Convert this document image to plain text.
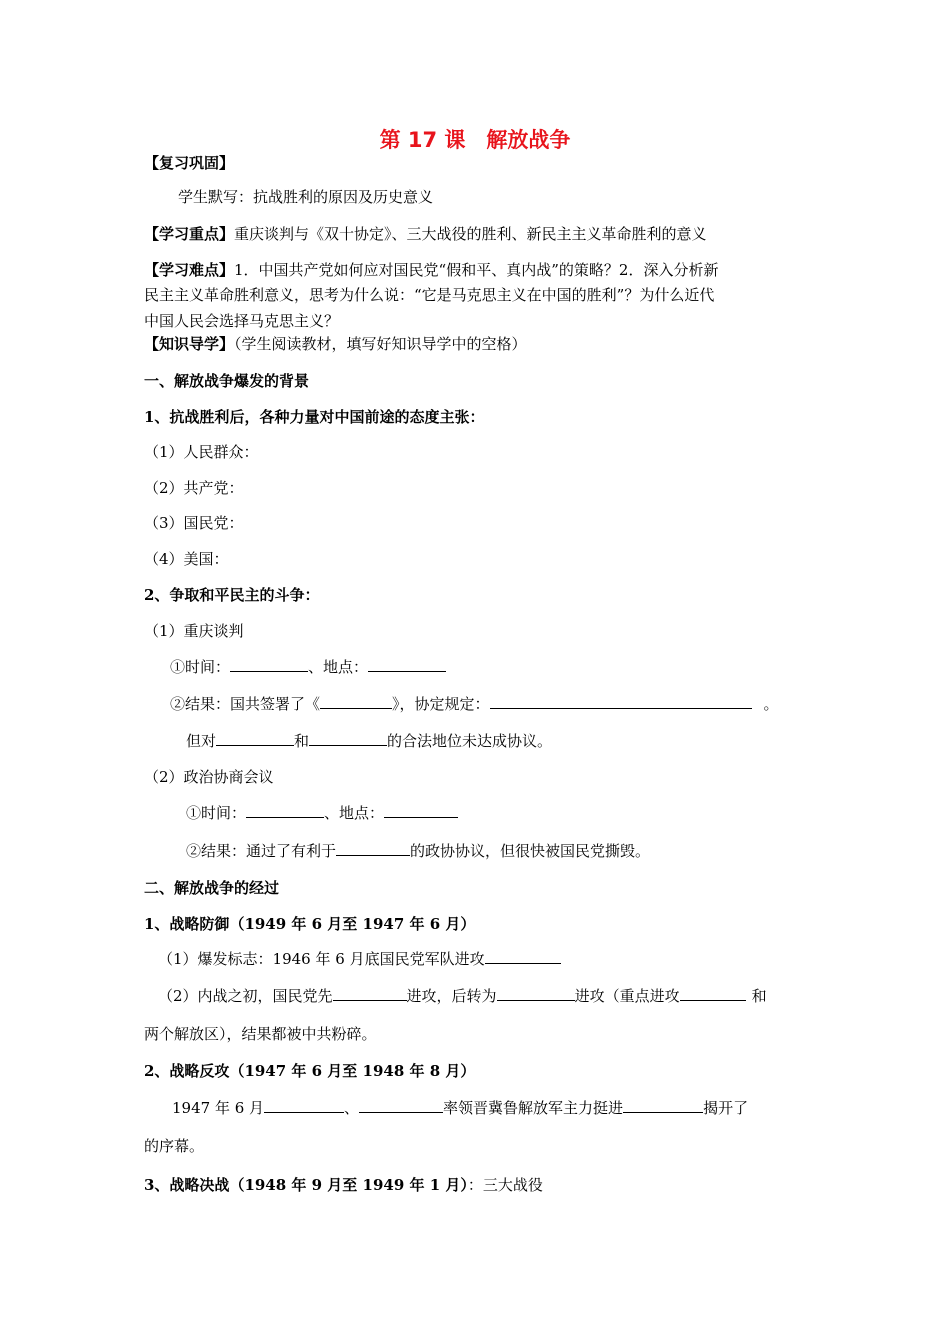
第 17 课　解放战争
【复习巩固】
学生默写：抗战胜利的原因及历史意义
【学习重点】重庆谈判与《双十协定》、三大战役的胜利、新民主主义革命胜利的意义
【学习难点】1．中国共产党如何应对国民党“假和平、真内战”的策略？2．深入分析新
民主主义革命胜利意义，思考为什么说：“它是马克思主义在中国的胜利”？为什么近代
中国人民会选择马克思主义？
【知识导学】（学生阅读教材，填写好知识导学中的空格）
一、解放战争爆发的背景
1、抗战胜利后，各种力量对中国前途的态度主张：
（1）人民群众：
（2）共产党：
（3）国民党：
（4）美国：
2、争取和平民主的斗争：
（1）重庆谈判
①时间：	、地点：
②结果：国共签署了《	》，协定规定：	。
但对	和	的合法地位未达成协议。
（2）政治协商会议
①时间：	、地点：
②结果：通过了有利于	的政协协议，但很快被国民党撕毁。
二、解放战争的经过
1、战略防御（1949 年 6 月至 1947 年 6 月）
（1）爆发标志：1946 年 6 月底国民党军队进攻
（2）内战之初，国民党先	进攻，后转为	进攻（重点进攻	和
两个解放区），结果都被中共粉碎。
2、战略反攻（1947 年 6 月至 1948 年 8 月）
1947 年 6 月	、	率领晋冀鲁解放军主力挺进	揭开了
的序幕。
3、战略决战（1948 年 9 月至 1949 年 1 月）：三大战役
